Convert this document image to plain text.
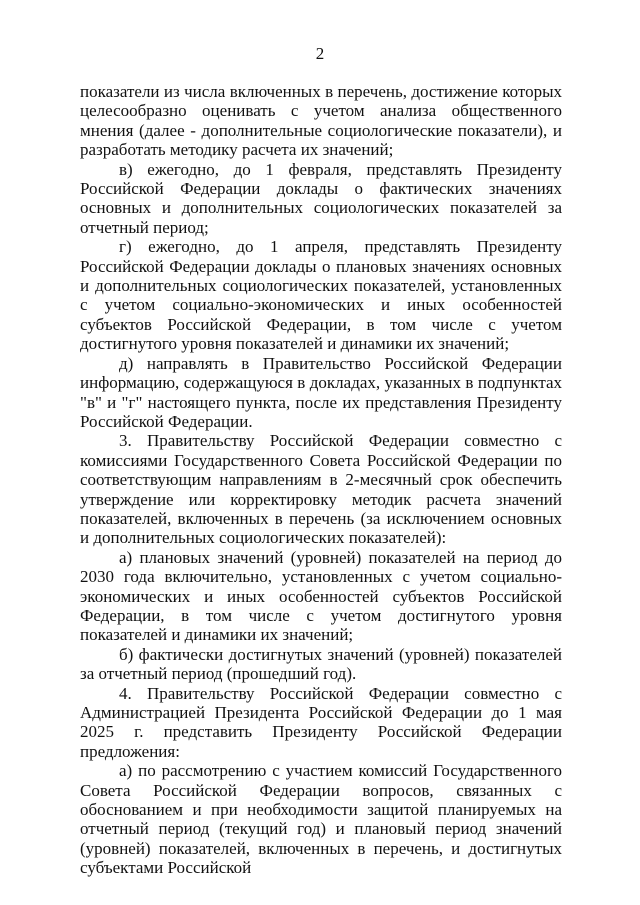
2

показатели из числа включенных в перечень, достижение которых целесообразно оценивать с учетом анализа общественного мнения (далее - дополнительные социологические показатели), и разработать методику расчета их значений;

в) ежегодно, до 1 февраля, представлять Президенту Российской Федерации доклады о фактических значениях основных и дополнительных социологических показателей за отчетный период;

г) ежегодно, до 1 апреля, представлять Президенту Российской Федерации доклады о плановых значениях основных и дополнительных социологических показателей, установленных с учетом социально-экономических и иных особенностей субъектов Российской Федерации, в том числе с учетом достигнутого уровня показателей и динамики их значений;

д) направлять в Правительство Российской Федерации информацию, содержащуюся в докладах, указанных в подпунктах "в" и "г" настоящего пункта, после их представления Президенту Российской Федерации.

3. Правительству Российской Федерации совместно с комиссиями Государственного Совета Российской Федерации по соответствующим направлениям в 2-месячный срок обеспечить утверждение или корректировку методик расчета значений показателей, включенных в перечень (за исключением основных и дополнительных социологических показателей):

а) плановых значений (уровней) показателей на период до 2030 года включительно, установленных с учетом социально-экономических и иных особенностей субъектов Российской Федерации, в том числе с учетом достигнутого уровня показателей и динамики их значений;

б) фактически достигнутых значений (уровней) показателей за отчетный период (прошедший год).

4. Правительству Российской Федерации совместно с Администрацией Президента Российской Федерации до 1 мая 2025 г. представить Президенту Российской Федерации предложения:

а) по рассмотрению с участием комиссий Государственного Совета Российской Федерации вопросов, связанных с обоснованием и при необходимости защитой планируемых на отчетный период (текущий год) и плановый период значений (уровней) показателей, включенных в перечень, и достигнутых субъектами Российской
